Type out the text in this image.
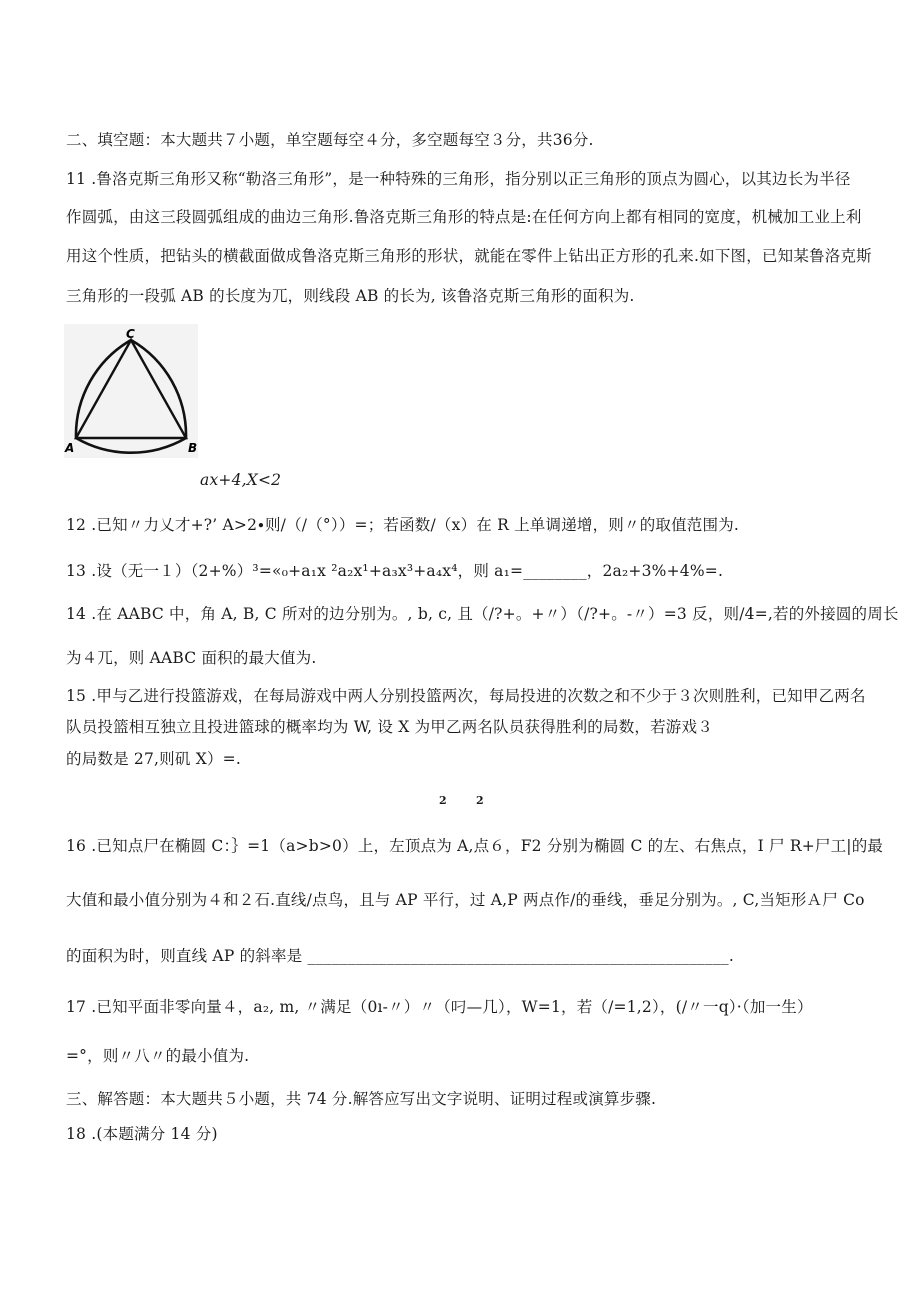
二、填空题：本大题共７小题，单空题每空４分，多空题每空３分，共36分.
11 .鲁洛克斯三角形又称“勒洛三角形”，是一种特殊的三角形，指分别以正三角形的顶点为圆心，以其边长为半径
作圆弧，由这三段圆弧组成的曲边三角形.鲁洛克斯三角形的特点是:在任何方向上都有相同的宽度，机械加工业上利
用这个性质，把钻头的横截面做成鲁洛克斯三角形的形状，就能在零件上钻出正方形的孔来.如下图，已知某鲁洛克斯
三角形的一段弧 AB 的长度为兀，则线段 AB 的长为, 该鲁洛克斯三角形的面积为.
C
A	B
ax+4,X<2
12 .已知〃力乂才+?’ A>2∙则/（/（°））=；若函数/（x）在 R 上单调递增，则〃的取值范围为.
13 .设（无一１）（2+%）³=«₀+a₁x ²a₂x¹+a₃x³+a₄x⁴，则 a₁=________，2a₂+3%+4%=.
14 .在 AABC 中，角 A, B, C 所对的边分别为。, b, c, 且（/?+。+〃）（/?+。-〃）=3 反，则/4=,若的外接圆的周长
为４兀，则 AABC 面积的最大值为.
15 .甲与乙进行投篮游戏，在每局游戏中两人分别投篮两次，每局投进的次数之和不少于３次则胜利，已知甲乙两名
队员投篮相互独立且投进篮球的概率均为 W, 设 X 为甲乙两名队员获得胜利的局数，若游戏３
的局数是 27,则矶 X）=.
2	2
16 .已知点尸在椭圆 C：｝=1（a>b>0）上，左顶点为 A,点６，F2 分别为椭圆 C 的左、右焦点，I 尸 R+尸工|的最
大值和最小值分别为４和２石.直线/点鸟，且与 AP 平行，过 A,P 两点作/的垂线，垂足分别为。, C,当矩形Ａ尸 Co
的面积为时，则直线 AP 的斜率是 _____________________________________________________.
17 .已知平面非零向量４，a₂, m, 〃满足（0ı-〃）〃（叼—几），W=1，若（/=1,2），(/〃一q）·（加一生）
=°，则〃八〃的最小值为.
三、解答题：本大题共５小题，共 74 分.解答应写出文字说明、证明过程或演算步骤.
18 .(本题满分 14 分)
